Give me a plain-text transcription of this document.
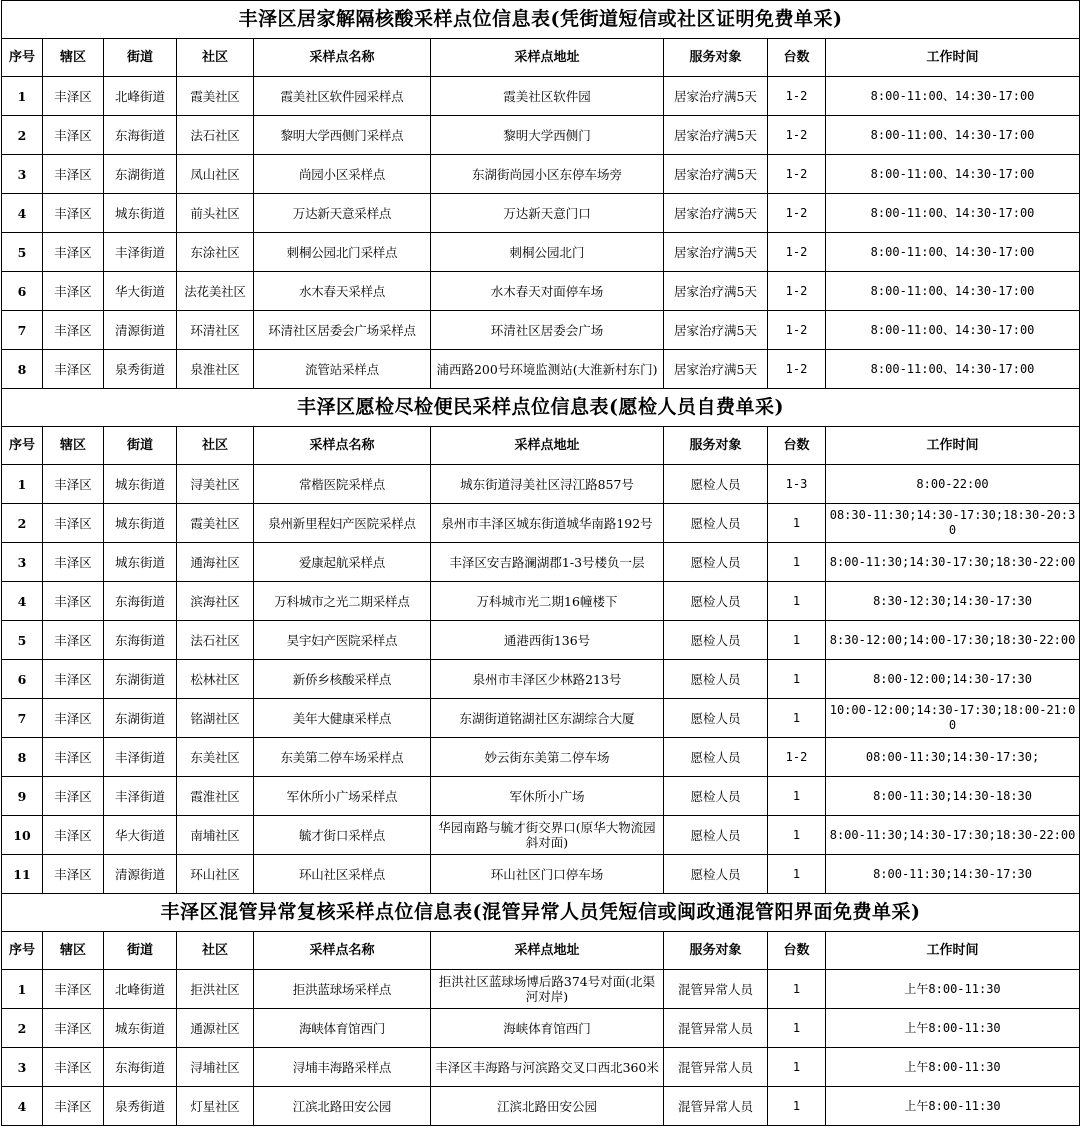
丰泽区居家解隔核酸采样点位信息表(凭街道短信或社区证明免费单采)								
序号	辖区	街道	社区	采样点名称	采样点地址	服务对象	台数	工作时间
1	丰泽区	北峰街道	霞美社区	霞美社区软件园采样点	霞美社区软件园	居家治疗满5天	1-2	8:00-11:00、14:30-17:00
2	丰泽区	东海街道	法石社区	黎明大学西侧门采样点	黎明大学西侧门	居家治疗满5天	1-2	8:00-11:00、14:30-17:00
3	丰泽区	东湖街道	凤山社区	尚园小区采样点	东湖街尚园小区东停车场旁	居家治疗满5天	1-2	8:00-11:00、14:30-17:00
4	丰泽区	城东街道	前头社区	万达新天意采样点	万达新天意门口	居家治疗满5天	1-2	8:00-11:00、14:30-17:00
5	丰泽区	丰泽街道	东涂社区	刺桐公园北门采样点	刺桐公园北门	居家治疗满5天	1-2	8:00-11:00、14:30-17:00
6	丰泽区	华大街道	法花美社区	水木春天采样点	水木春天对面停车场	居家治疗满5天	1-2	8:00-11:00、14:30-17:00
7	丰泽区	清源街道	环清社区	环清社区居委会广场采样点	环清社区居委会广场	居家治疗满5天	1-2	8:00-11:00、14:30-17:00
8	丰泽区	泉秀街道	泉淮社区	流管站采样点	浦西路200号环境监测站(大淮新村东门)	居家治疗满5天	1-2	8:00-11:00、14:30-17:00
丰泽区愿检尽检便民采样点位信息表(愿检人员自费单采)								
序号	辖区	街道	社区	采样点名称	采样点地址	服务对象	台数	工作时间
1	丰泽区	城东街道	浔美社区	常楷医院采样点	城东街道浔美社区浔江路857号	愿检人员	1-3	8:00-22:00
2	丰泽区	城东街道	霞美社区	泉州新里程妇产医院采样点	泉州市丰泽区城东街道城华南路192号	愿检人员	1	08:30-11:30;14:30-17:30;18:30-20:30
3	丰泽区	城东街道	通海社区	爱康起航采样点	丰泽区安吉路澜湖郡1-3号楼负一层	愿检人员	1	8:00-11:30;14:30-17:30;18:30-22:00
4	丰泽区	东海街道	滨海社区	万科城市之光二期采样点	万科城市光二期16幢楼下	愿检人员	1	8:30-12:30;14:30-17:30
5	丰泽区	东海街道	法石社区	昊宇妇产医院采样点	通港西街136号	愿检人员	1	8:30-12:00;14:00-17:30;18:30-22:00
6	丰泽区	东湖街道	松林社区	新侨乡核酸采样点	泉州市丰泽区少林路213号	愿检人员	1	8:00-12:00;14:30-17:30
7	丰泽区	东湖街道	铭湖社区	美年大健康采样点	东湖街道铭湖社区东湖综合大厦	愿检人员	1	10:00-12:00;14:30-17:30;18:00-21:00
8	丰泽区	丰泽街道	东美社区	东美第二停车场采样点	妙云街东美第二停车场	愿检人员	1-2	08:00-11:30;14:30-17:30;
9	丰泽区	丰泽街道	霞淮社区	军休所小广场采样点	军休所小广场	愿检人员	1	8:00-11:30;14:30-18:30
10	丰泽区	华大街道	南埔社区	毓才街口采样点	华园南路与毓才街交界口(原华大物流园斜对面)	愿检人员	1	8:00-11:30;14:30-17:30;18:30-22:00
11	丰泽区	清源街道	环山社区	环山社区采样点	环山社区门口停车场	愿检人员	1	8:00-11:30;14:30-17:30
丰泽区混管异常复核采样点位信息表(混管异常人员凭短信或闽政通混管阳界面免费单采)								
序号	辖区	街道	社区	采样点名称	采样点地址	服务对象	台数	工作时间
1	丰泽区	北峰街道	拒洪社区	拒洪蓝球场采样点	拒洪社区蓝球场博后路374号对面(北渠河对岸)	混管异常人员	1	上午8:00-11:30
2	丰泽区	城东街道	通源社区	海峡体育馆西门	海峡体育馆西门	混管异常人员	1	上午8:00-11:30
3	丰泽区	东海街道	浔埔社区	浔埔丰海路采样点	丰泽区丰海路与河滨路交叉口西北360米	混管异常人员	1	上午8:00-11:30
4	丰泽区	泉秀街道	灯星社区	江滨北路田安公园	江滨北路田安公园	混管异常人员	1	上午8:00-11:30
